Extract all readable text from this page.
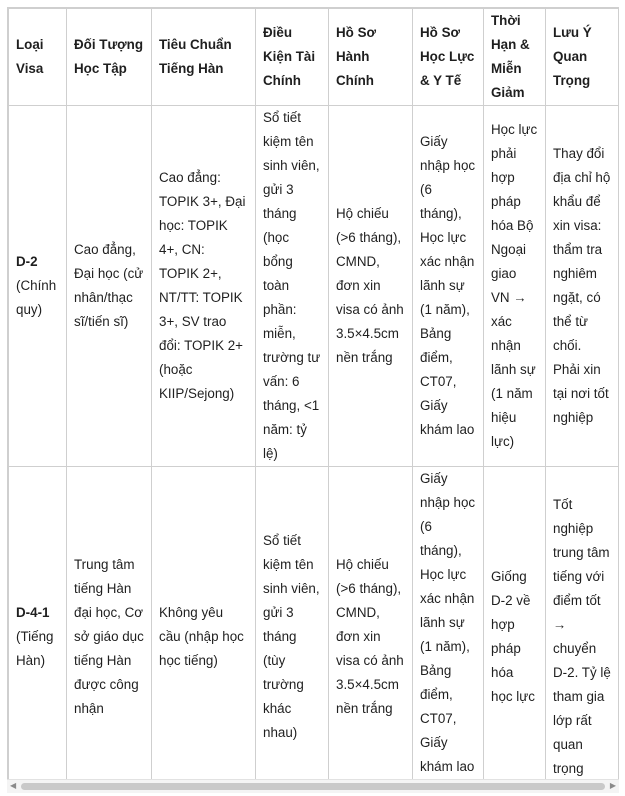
Loại Visa	Đối Tượng Học Tập	Tiêu Chuẩn Tiếng Hàn	Điều Kiện Tài Chính	Hồ Sơ Hành Chính	Hồ Sơ Học Lực & Y Tế	Thời Hạn & Miễn Giảm	Lưu Ý Quan Trọng

D-2
(Chính quy)	Cao đẳng, Đại học (cử nhân/thạc sĩ/tiến sĩ)	Cao đẳng: TOPIK 3+, Đại học: TOPIK 4+, CN: TOPIK 2+, NT/TT: TOPIK 3+, SV trao đổi: TOPIK 2+ (hoặc KIIP/Sejong)	Sổ tiết kiệm tên sinh viên, gửi 3 tháng (học bổng toàn phần: miễn, trường tư vấn: 6 tháng, <1 năm: tỷ lệ)	Hộ chiếu (>6 tháng), CMND, đơn xin visa có ảnh 3.5×4.5cm nền trắng	Giấy nhập học (6 tháng), Học lực xác nhận lãnh sự (1 năm), Bảng điểm, CT07, Giấy khám lao	Học lực phải hợp pháp hóa Bộ Ngoại giao VN → xác nhận lãnh sự (1 năm hiệu lực)	Thay đổi địa chỉ hộ khẩu để xin visa: thẩm tra nghiêm ngặt, có thể từ chối. Phải xin tại nơi tốt nghiệp

D-4-1
(Tiếng Hàn)	Trung tâm tiếng Hàn đại học, Cơ sở giáo dục tiếng Hàn được công nhận	Không yêu cầu (nhập học học tiếng)	Sổ tiết kiệm tên sinh viên, gửi 3 tháng (tùy trường khác nhau)	Hộ chiếu (>6 tháng), CMND, đơn xin visa có ảnh 3.5×4.5cm nền trắng	Giấy nhập học (6 tháng), Học lực xác nhận lãnh sự (1 năm), Bảng điểm, CT07, Giấy khám lao	Giống D-2 về hợp pháp hóa học lực	Tốt nghiệp trung tâm tiếng với điểm tốt → chuyển D-2. Tỷ lệ tham gia lớp rất quan trọng
◀	▶
